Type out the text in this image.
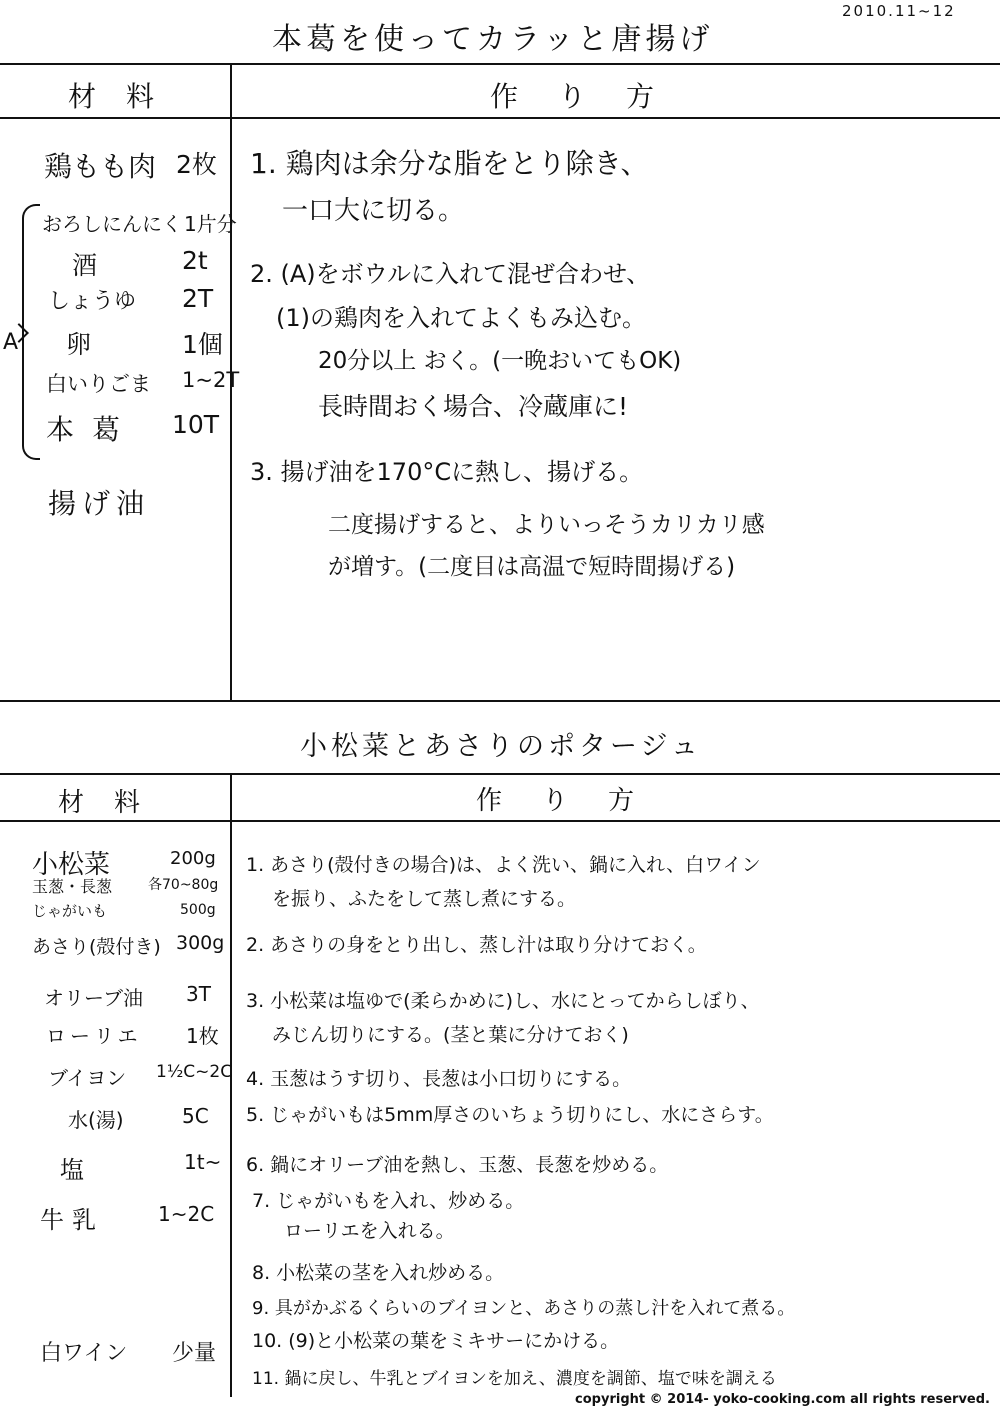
2010.11~12
本葛を使ってカラッと唐揚げ
材料	作り方
鶏もも肉 2枚
A
おろしにんにく 1片分
酒	2t
しょうゆ 2T
卵	1個
白いりごま 1~2T
本葛 10T
揚げ油
1. 鶏肉は余分な脂をとり除き、
一口大に切る。
2. (A)をボウルに入れて混ぜ合わせ、
(1)の鶏肉を入れてよくもみ込む。
20分以上 おく。(一晩おいてもOK)
長時間おく場合、冷蔵庫に!
3. 揚げ油を170°Cに熱し、揚げる。
二度揚げすると、よりいっそうカリカリ感
が増す。(二度目は高温で短時間揚げる)
小松菜とあさりのポタージュ
材料	作り方
小松菜	200g
玉葱・長葱	各70~80g
じゃがいも	500g
あさり(殻付き) 300g
オリーブ油 3T
ローリエ 1枚
ブイヨン 1½C~2C
水(湯)	5C
塩	1t~
牛乳	1~2C
白ワイン 少量
1. あさり(殻付きの場合)は、よく洗い、鍋に入れ、白ワイン
を振り、ふたをして蒸し煮にする。
2. あさりの身をとり出し、蒸し汁は取り分けておく。
3. 小松菜は塩ゆで(柔らかめに)し、水にとってからしぼり、
みじん切りにする。(茎と葉に分けておく)
4. 玉葱はうす切り、長葱は小口切りにする。
5. じゃがいもは5mm厚さのいちょう切りにし、水にさらす。
6. 鍋にオリーブ油を熱し、玉葱、長葱を炒める。
7. じゃがいもを入れ、炒める。
ローリエを入れる。
8. 小松菜の茎を入れ炒める。
9. 具がかぶるくらいのブイヨンと、あさりの蒸し汁を入れて煮る。
10. (9)と小松菜の葉をミキサーにかける。
11. 鍋に戻し、牛乳とブイヨンを加え、濃度を調節、塩で味を調える
copyright © 2014- yoko-cooking.com all rights reserved.
